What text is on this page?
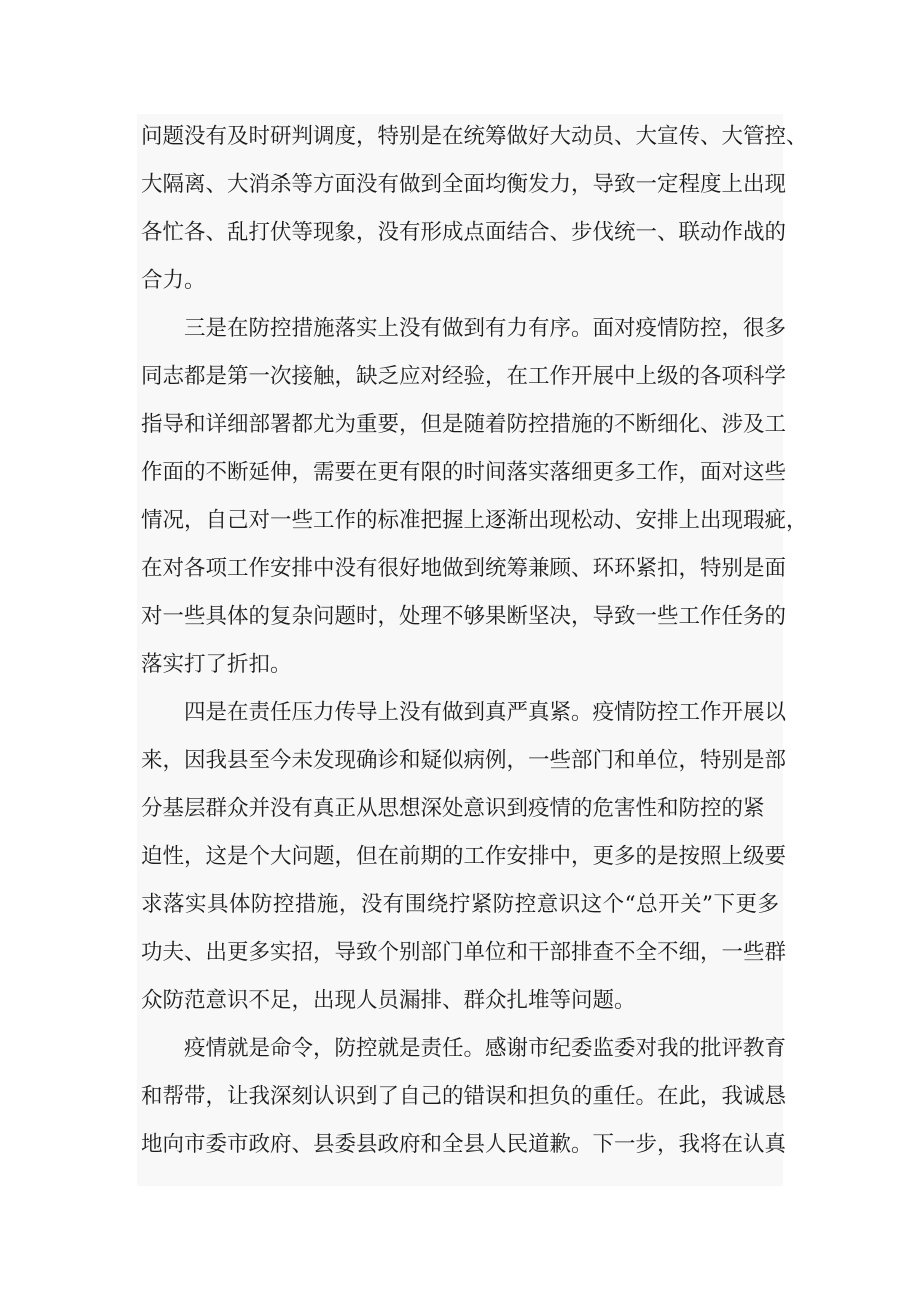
问题没有及时研判调度，特别是在统筹做好大动员、大宣传、大管控、
大隔离、大消杀等方面没有做到全面均衡发力，导致一定程度上出现
各忙各、乱打伏等现象，没有形成点面结合、步伐统一、联动作战的
合力。
三是在防控措施落实上没有做到有力有序。面对疫情防控，很多
同志都是第一次接触，缺乏应对经验，在工作开展中上级的各项科学
指导和详细部署都尤为重要，但是随着防控措施的不断细化、涉及工
作面的不断延伸，需要在更有限的时间落实落细更多工作，面对这些
情况，自己对一些工作的标准把握上逐渐出现松动、安排上出现瑕疵，
在对各项工作安排中没有很好地做到统筹兼顾、环环紧扣，特别是面
对一些具体的复杂问题时，处理不够果断坚决，导致一些工作任务的
落实打了折扣。
四是在责任压力传导上没有做到真严真紧。疫情防控工作开展以
来，因我县至今未发现确诊和疑似病例，一些部门和单位，特别是部
分基层群众并没有真正从思想深处意识到疫情的危害性和防控的紧
迫性，这是个大问题，但在前期的工作安排中，更多的是按照上级要
求落实具体防控措施，没有围绕拧紧防控意识这个“总开关”下更多
功夫、出更多实招，导致个别部门单位和干部排查不全不细，一些群
众防范意识不足，出现人员漏排、群众扎堆等问题。
疫情就是命令，防控就是责任。感谢市纪委监委对我的批评教育
和帮带，让我深刻认识到了自己的错误和担负的重任。在此，我诚恳
地向市委市政府、县委县政府和全县人民道歉。下一步，我将在认真
